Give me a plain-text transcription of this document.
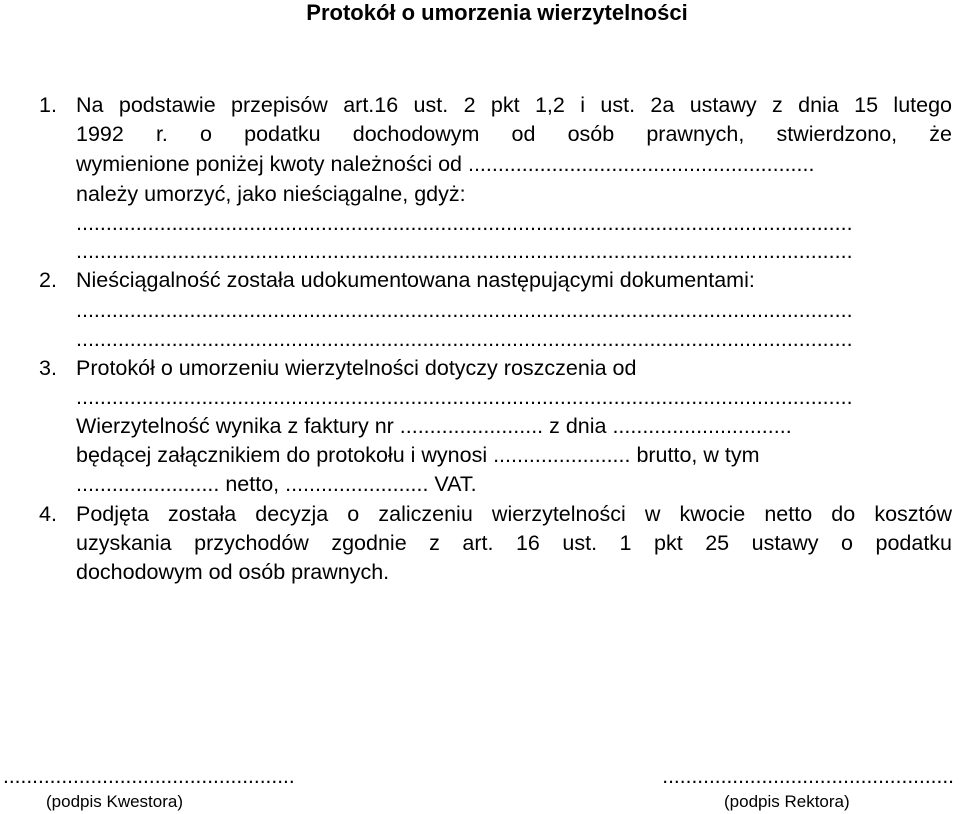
Protokół o umorzenia wierzytelności
1. Na podstawie przepisów art.16 ust. 2 pkt 1,2 i ust. 2a ustawy z dnia 15 lutego
1992 r. o podatku dochodowym od osób prawnych, stwierdzono, że
wymienione poniżej kwoty należności od ..........................................................
należy umorzyć, jako nieściągalne, gdyż:
..................................................................................................................................
..................................................................................................................................
2. Nieściągalność została udokumentowana następującymi dokumentami:
..................................................................................................................................
..................................................................................................................................
3. Protokół o umorzeniu wierzytelności dotyczy roszczenia od
..................................................................................................................................
Wierzytelność wynika z faktury nr ........................ z dnia ..............................
będącej załącznikiem do protokołu i wynosi ....................... brutto, w tym
........................ netto, ........................ VAT.
4. Podjęta została decyzja o zaliczeniu wierzytelności w kwocie netto do kosztów
uzyskania przychodów zgodnie z art. 16 ust. 1 pkt 25 ustawy o podatku
dochodowym od osób prawnych.
..................................................
(podpis Kwestora)
..................................................
(podpis Rektora)
